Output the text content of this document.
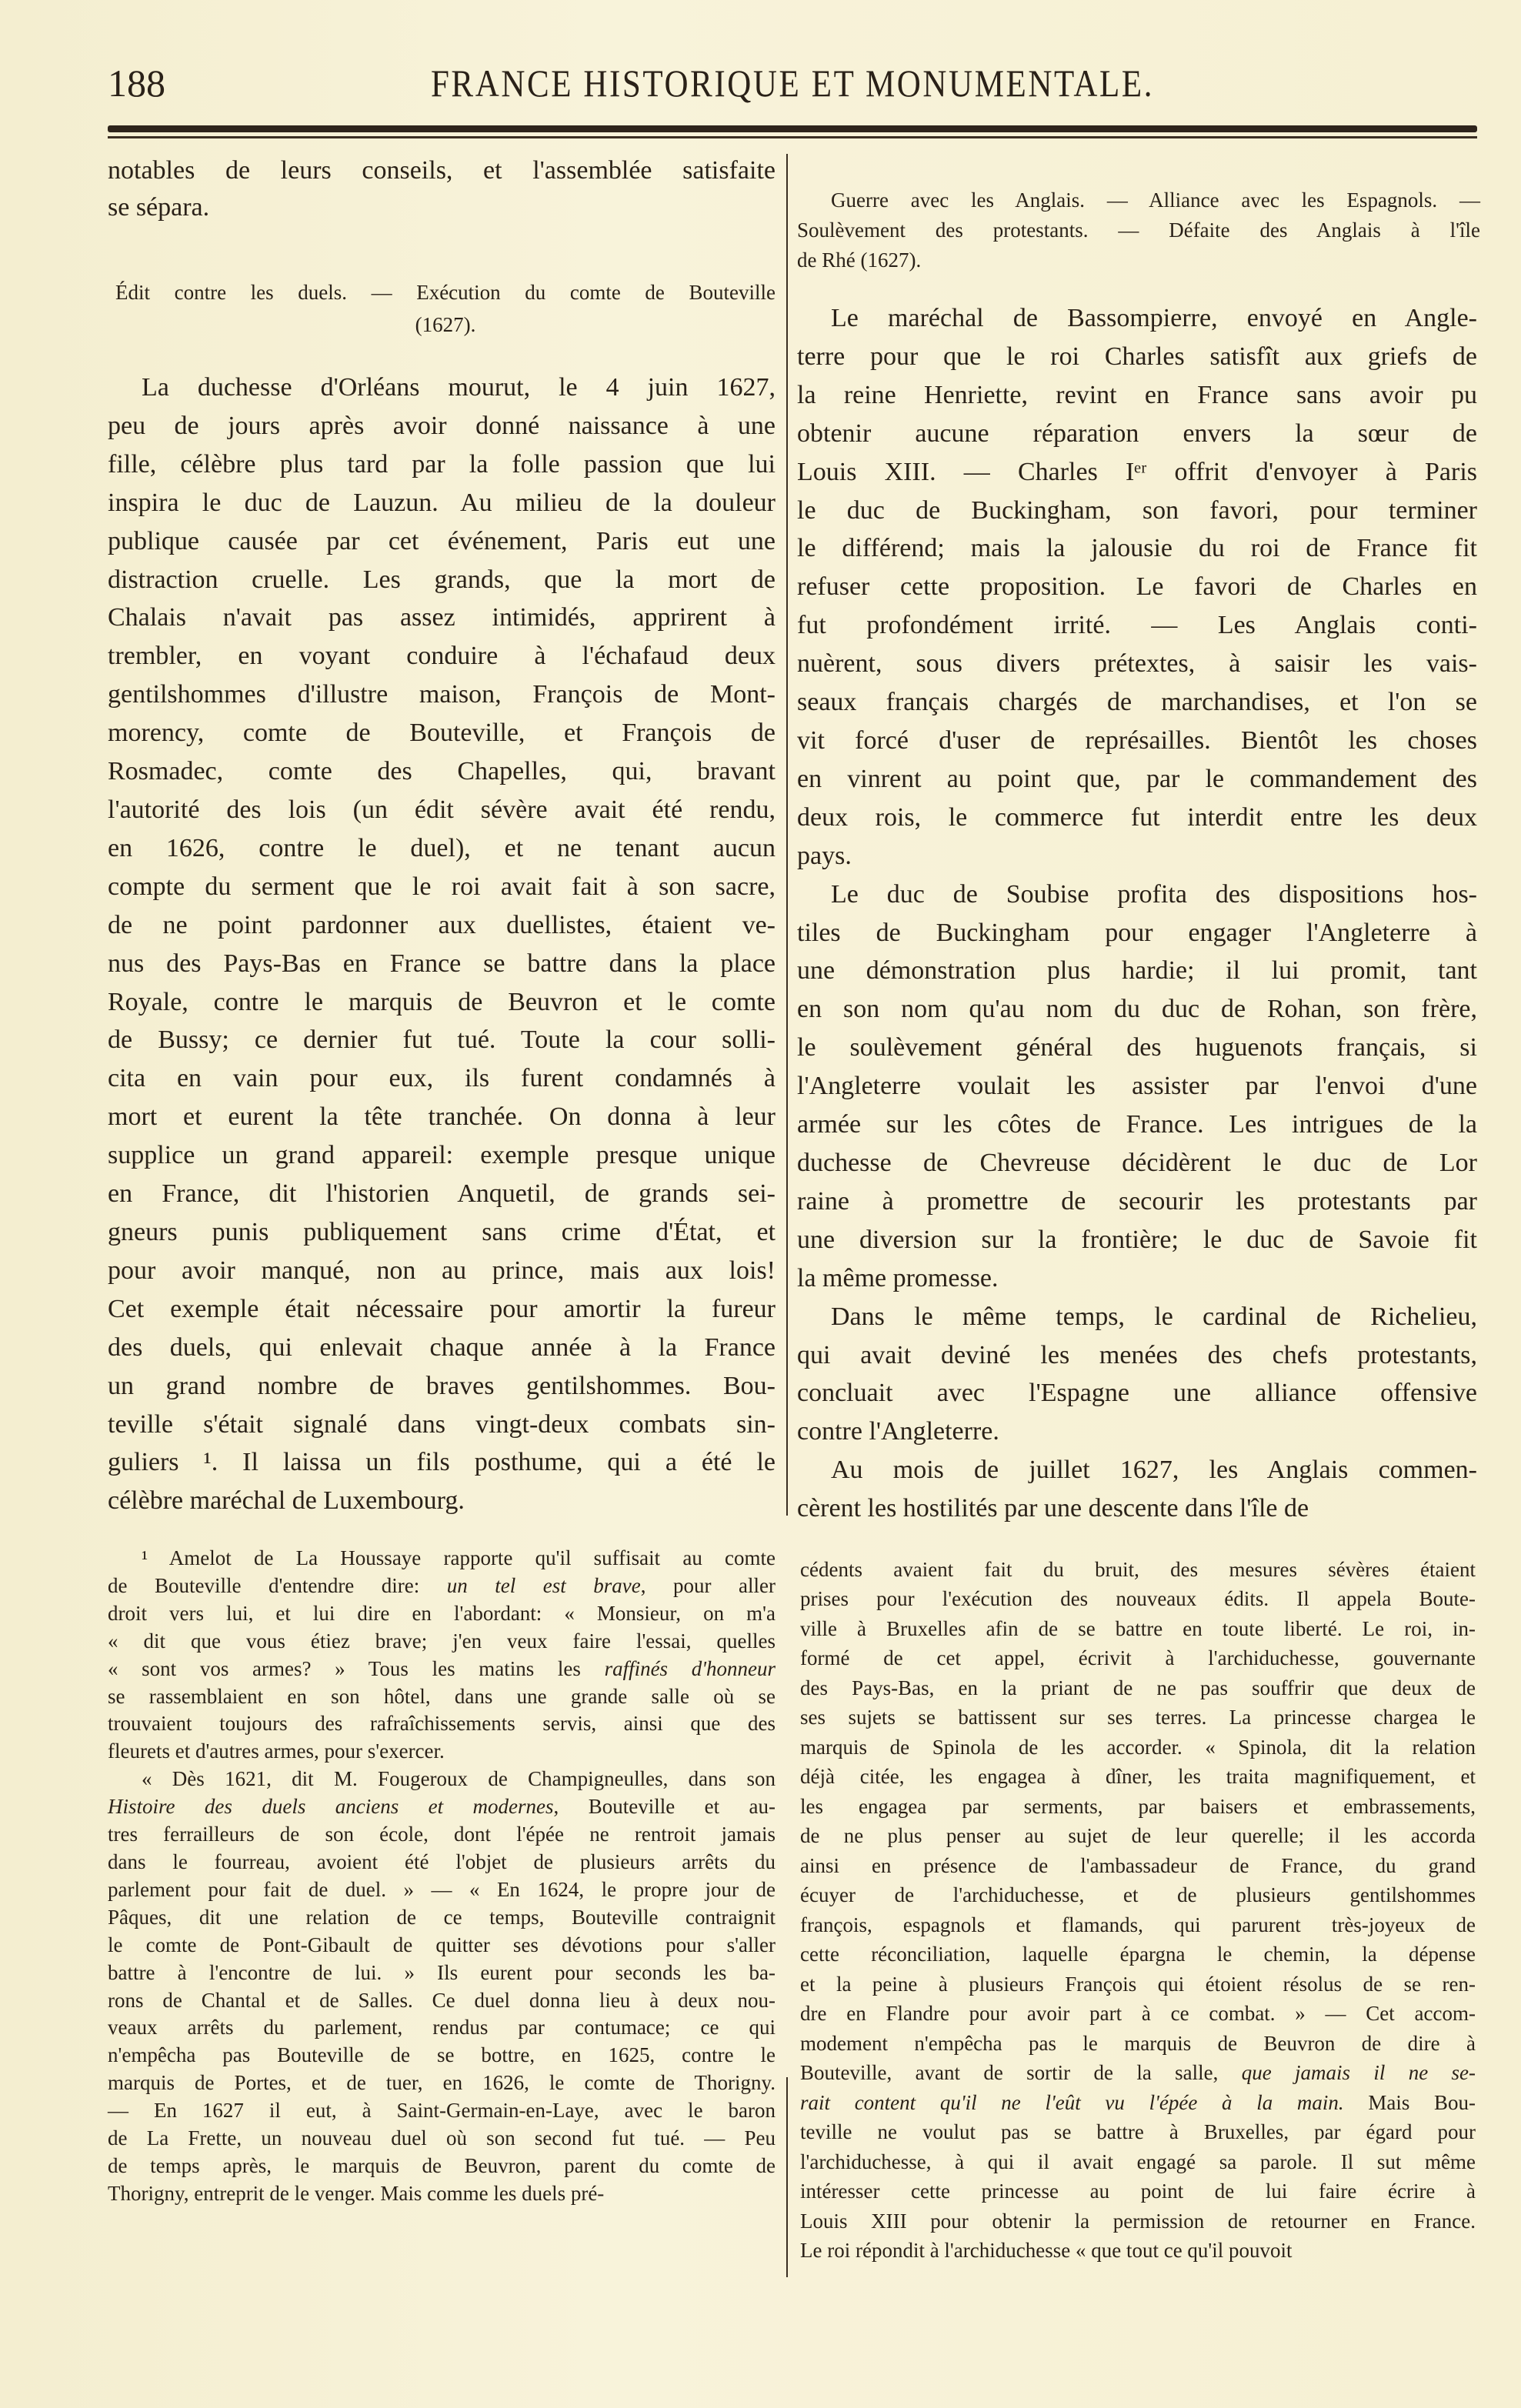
188	FRANCE HISTORIQUE ET MONUMENTALE.
notables de leurs conseils, et l'assemblée satisfaite
se sépara.
Édit contre les duels. — Exécution du comte de Bouteville
(1627).
La duchesse d'Orléans mourut, le 4 juin 1627,
peu de jours après avoir donné naissance à une
fille, célèbre plus tard par la folle passion que lui
inspira le duc de Lauzun. Au milieu de la douleur
publique causée par cet événement, Paris eut une
distraction cruelle. Les grands, que la mort de
Chalais n'avait pas assez intimidés, apprirent à
trembler, en voyant conduire à l'échafaud deux
gentilshommes d'illustre maison, François de Mont-
morency, comte de Bouteville, et François de
Rosmadec, comte des Chapelles, qui, bravant
l'autorité des lois (un édit sévère avait été rendu,
en 1626, contre le duel), et ne tenant aucun
compte du serment que le roi avait fait à son sacre,
de ne point pardonner aux duellistes, étaient ve-
nus des Pays-Bas en France se battre dans la place
Royale, contre le marquis de Beuvron et le comte
de Bussy; ce dernier fut tué. Toute la cour solli-
cita en vain pour eux, ils furent condamnés à
mort et eurent la tête tranchée. On donna à leur
supplice un grand appareil: exemple presque unique
en France, dit l'historien Anquetil, de grands sei-
gneurs punis publiquement sans crime d'État, et
pour avoir manqué, non au prince, mais aux lois!
Cet exemple était nécessaire pour amortir la fureur
des duels, qui enlevait chaque année à la France
un grand nombre de braves gentilshommes. Bou-
teville s'était signalé dans vingt-deux combats sin-
guliers ¹. Il laissa un fils posthume, qui a été le
célèbre maréchal de Luxembourg.
¹ Amelot de La Houssaye rapporte qu'il suffisait au comte
de Bouteville d'entendre dire: un tel est brave, pour aller
droit vers lui, et lui dire en l'abordant: « Monsieur, on m'a
« dit que vous étiez brave; j'en veux faire l'essai, quelles
« sont vos armes? » Tous les matins les raffinés d'honneur
se rassemblaient en son hôtel, dans une grande salle où se
trouvaient toujours des rafraîchissements servis, ainsi que des
fleurets et d'autres armes, pour s'exercer.
« Dès 1621, dit M. Fougeroux de Champigneulles, dans son
Histoire des duels anciens et modernes, Bouteville et au-
tres ferrailleurs de son école, dont l'épée ne rentroit jamais
dans le fourreau, avoient été l'objet de plusieurs arrêts du
parlement pour fait de duel. » — « En 1624, le propre jour de
Pâques, dit une relation de ce temps, Bouteville contraignit
le comte de Pont-Gibault de quitter ses dévotions pour s'aller
battre à l'encontre de lui. » Ils eurent pour seconds les ba-
rons de Chantal et de Salles. Ce duel donna lieu à deux nou-
veaux arrêts du parlement, rendus par contumace; ce qui
n'empêcha pas Bouteville de se bottre, en 1625, contre le
marquis de Portes, et de tuer, en 1626, le comte de Thorigny.
— En 1627 il eut, à Saint-Germain-en-Laye, avec le baron
de La Frette, un nouveau duel où son second fut tué. — Peu
de temps après, le marquis de Beuvron, parent du comte de
Thorigny, entreprit de le venger. Mais comme les duels pré-
Guerre avec les Anglais. — Alliance avec les Espagnols. —
Soulèvement des protestants. — Défaite des Anglais à l'île
de Rhé (1627).
Le maréchal de Bassompierre, envoyé en Angle-
terre pour que le roi Charles satisfît aux griefs de
la reine Henriette, revint en France sans avoir pu
obtenir aucune réparation envers la sœur de
Louis XIII. — Charles Iᵉʳ offrit d'envoyer à Paris
le duc de Buckingham, son favori, pour terminer
le différend; mais la jalousie du roi de France fit
refuser cette proposition. Le favori de Charles en
fut profondément irrité. — Les Anglais conti-
nuèrent, sous divers prétextes, à saisir les vais-
seaux français chargés de marchandises, et l'on se
vit forcé d'user de représailles. Bientôt les choses
en vinrent au point que, par le commandement des
deux rois, le commerce fut interdit entre les deux
pays.
Le duc de Soubise profita des dispositions hos-
tiles de Buckingham pour engager l'Angleterre à
une démonstration plus hardie; il lui promit, tant
en son nom qu'au nom du duc de Rohan, son frère,
le soulèvement général des huguenots français, si
l'Angleterre voulait les assister par l'envoi d'une
armée sur les côtes de France. Les intrigues de la
duchesse de Chevreuse décidèrent le duc de Lor
raine à promettre de secourir les protestants par
une diversion sur la frontière; le duc de Savoie fit
la même promesse.
Dans le même temps, le cardinal de Richelieu,
qui avait deviné les menées des chefs protestants,
concluait avec l'Espagne une alliance offensive
contre l'Angleterre.
Au mois de juillet 1627, les Anglais commen-
cèrent les hostilités par une descente dans l'île de
cédents avaient fait du bruit, des mesures sévères étaient
prises pour l'exécution des nouveaux édits. Il appela Boute-
ville à Bruxelles afin de se battre en toute liberté. Le roi, in-
formé de cet appel, écrivit à l'archiduchesse, gouvernante
des Pays-Bas, en la priant de ne pas souffrir que deux de
ses sujets se battissent sur ses terres. La princesse chargea le
marquis de Spinola de les accorder. « Spinola, dit la relation
déjà citée, les engagea à dîner, les traita magnifiquement, et
les engagea par serments, par baisers et embrassements,
de ne plus penser au sujet de leur querelle; il les accorda
ainsi en présence de l'ambassadeur de France, du grand
écuyer de l'archiduchesse, et de plusieurs gentilshommes
françois, espagnols et flamands, qui parurent très-joyeux de
cette réconciliation, laquelle épargna le chemin, la dépense
et la peine à plusieurs François qui étoient résolus de se ren-
dre en Flandre pour avoir part à ce combat. » — Cet accom-
modement n'empêcha pas le marquis de Beuvron de dire à
Bouteville, avant de sortir de la salle, que jamais il ne se-
rait content qu'il ne l'eût vu l'épée à la main. Mais Bou-
teville ne voulut pas se battre à Bruxelles, par égard pour
l'archiduchesse, à qui il avait engagé sa parole. Il sut même
intéresser cette princesse au point de lui faire écrire à
Louis XIII pour obtenir la permission de retourner en France.
Le roi répondit à l'archiduchesse « que tout ce qu'il pouvoit
